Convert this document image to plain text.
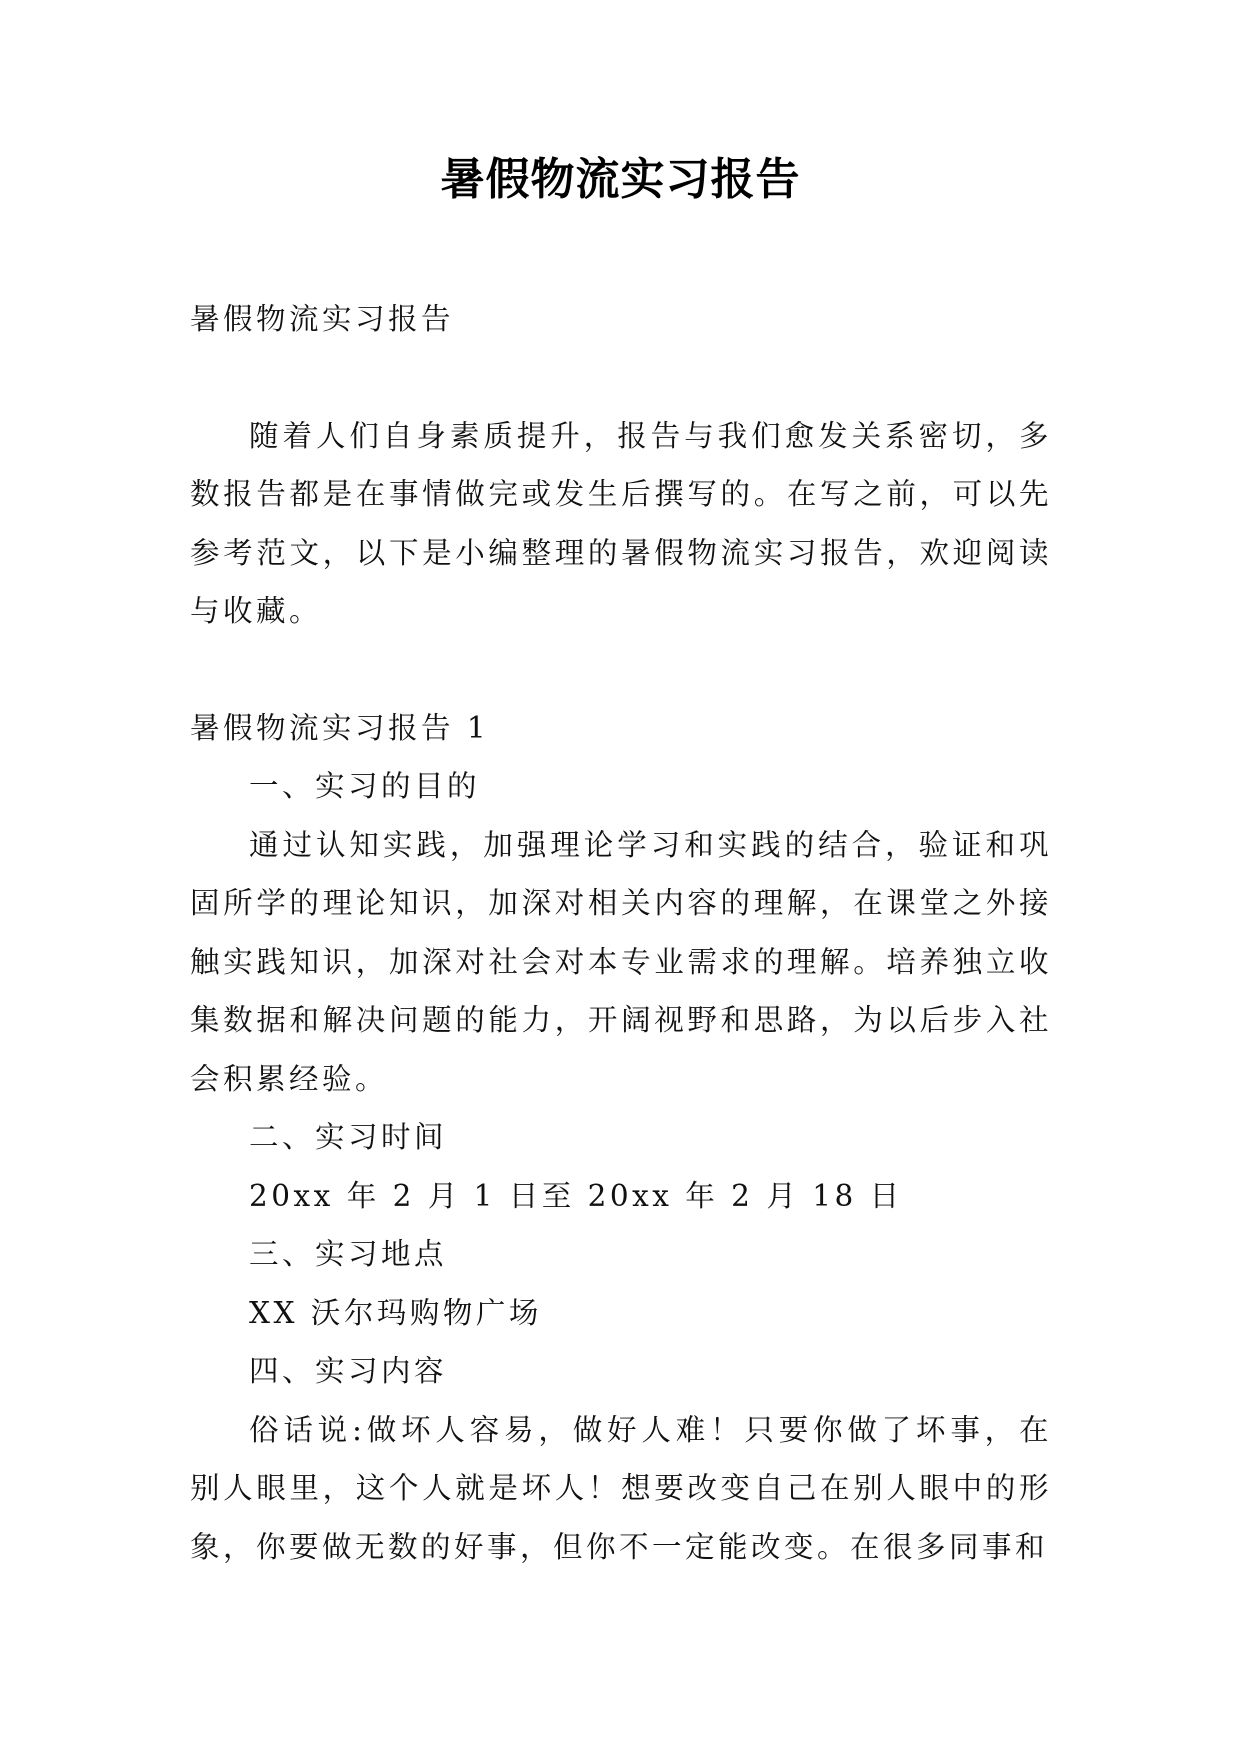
暑假物流实习报告

暑假物流实习报告

随着人们自身素质提升，报告与我们愈发关系密切，多数报告都是在事情做完或发生后撰写的。在写之前，可以先参考范文，以下是小编整理的暑假物流实习报告，欢迎阅读与收藏。

暑假物流实习报告 1

一、实习的目的

通过认知实践，加强理论学习和实践的结合，验证和巩固所学的理论知识，加深对相关内容的理解，在课堂之外接触实践知识，加深对社会对本专业需求的理解。培养独立收集数据和解决问题的能力，开阔视野和思路，为以后步入社会积累经验。

二、实习时间

20xx 年 2 月 1 日至 20xx 年 2 月 18 日

三、实习地点

XX 沃尔玛购物广场

四、实习内容

俗话说:做坏人容易，做好人难！只要你做了坏事，在别人眼里，这个人就是坏人！想要改变自己在别人眼中的形象，你要做无数的好事，但你不一定能改变。在很多同事和
